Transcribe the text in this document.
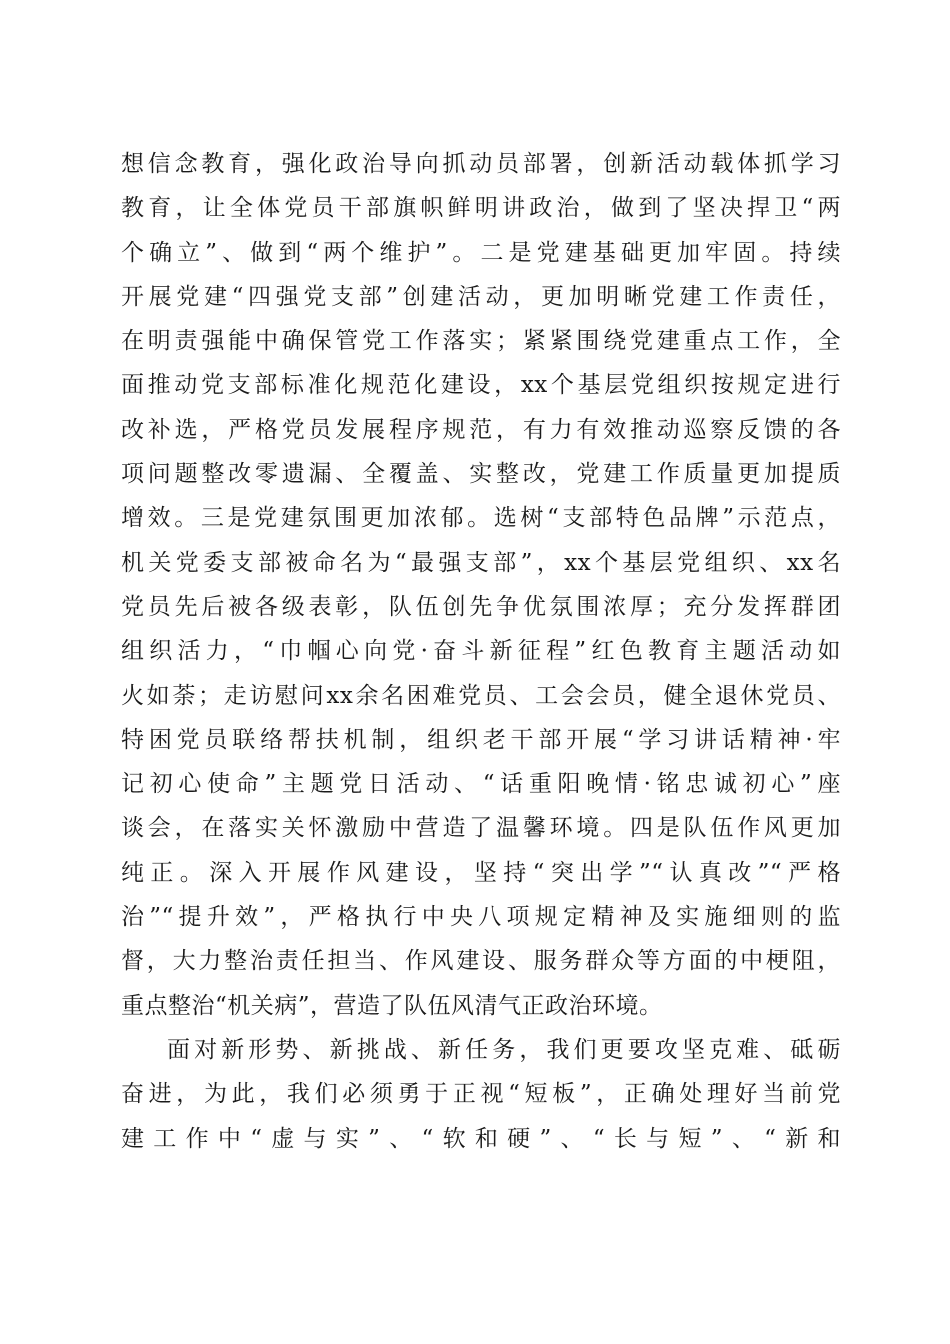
想信念教育，强化政治导向抓动员部署，创新活动载体抓学习
教育，让全体党员干部旗帜鲜明讲政治，做到了坚决捍卫“两
个确立”、做到“两个维护”。二是党建基础更加牢固。持续
开展党建“四强党支部”创建活动，更加明晰党建工作责任，
在明责强能中确保管党工作落实；紧紧围绕党建重点工作，全
面推动党支部标准化规范化建设，xx个基层党组织按规定进行
改补选，严格党员发展程序规范，有力有效推动巡察反馈的各
项问题整改零遗漏、全覆盖、实整改，党建工作质量更加提质
增效。三是党建氛围更加浓郁。选树“支部特色品牌”示范点，
机关党委支部被命名为“最强支部”，xx个基层党组织、xx名
党员先后被各级表彰，队伍创先争优氛围浓厚；充分发挥群团
组织活力，“巾帼心向党·奋斗新征程”红色教育主题活动如
火如荼；走访慰问xx余名困难党员、工会会员，健全退休党员、
特困党员联络帮扶机制，组织老干部开展“学习讲话精神·牢
记初心使命”主题党日活动、“话重阳晚情·铭忠诚初心”座
谈会，在落实关怀激励中营造了温馨环境。四是队伍作风更加
纯正。深入开展作风建设，坚持“突出学”“认真改”“严格
治”“提升效”，严格执行中央八项规定精神及实施细则的监
督，大力整治责任担当、作风建设、服务群众等方面的中梗阻，
重点整治“机关病”，营造了队伍风清气正政治环境。
面对新形势、新挑战、新任务，我们更要攻坚克难、砥砺
奋进，为此，我们必须勇于正视“短板”，正确处理好当前党
建工作中“虚与实”、“软和硬”、“长与短”、“新和
